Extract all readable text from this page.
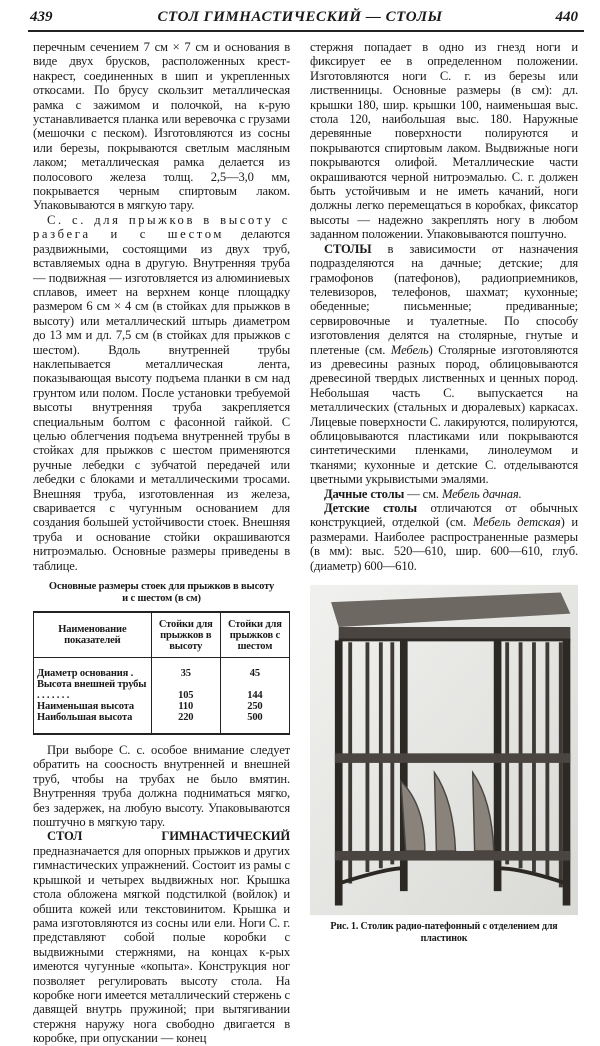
439	СТОЛ ГИМНАСТИЧЕСКИЙ — СТОЛЫ	440

перечным сечением 7 см × 7 см и основания в виде двух брусков, расположенных крест-накрест, соединенных в шип и укрепленных откосами. По брусу скользит металлическая рамка с зажимом и полочкой, на к-рую устанавливается планка или веревочка с грузами (мешочки с песком). Изготовляются из сосны или березы, покрываются светлым масляным лаком; металлическая рамка делается из полосового железа толщ. 2,5—3,0 мм, покрывается черным спиртовым лаком. Упаковываются в мягкую тару.

С. с. для прыжков в высоту с разбега и с шестом делаются раздвижными, состоящими из двух труб, вставляемых одна в другую. Внутренняя труба — подвижная — изготовляется из алюминиевых сплавов, имеет на верхнем конце площадку размером 6 см × 4 см (в стойках для прыжков в высоту) или металлический штырь диаметром до 13 мм и дл. 7,5 см (в стойках для прыжков с шестом). Вдоль внутренней трубы наклепывается металлическая лента, показывающая высоту подъема планки в см над грунтом или полом. После установки требуемой высоты внутренняя труба закрепляется специальным болтом с фасонной гайкой. С целью облегчения подъема внутренней трубы в стойках для прыжков с шестом применяются ручные лебедки с зубчатой передачей или лебедки с блоками и металлическими тросами. Внешняя труба, изготовленная из железа, сваривается с чугунным основанием для создания большей устойчивости стоек. Внешняя труба и основание стойки окрашиваются нитроэмалью. Основные размеры приведены в таблице.

Основные размеры стоек для прыжков в высоту
и с шестом (в см)
Наименование показателей	Стойки для прыжков в высоту	Стойки для прыжков с шестом
Диаметр основания .	35	45
Высота внешней трубы . . . . . . .	105	144
Наименьшая высота	110	250
Наибольшая высота	220	500

При выборе С. с. особое внимание следует обратить на соосность внутренней и внешней труб, чтобы на трубах не было вмятин. Внутренняя труба должна подниматься мягко, без задержек, на любую высоту. Упаковываются поштучно в мягкую тару.

СТОЛ ГИМНАСТИЧЕСКИЙ предназначается для опорных прыжков и других гимнастических упражнений. Состоит из рамы с крышкой и четырех выдвижных ног. Крышка стола обложена мягкой подстилкой (войлок) и обшита кожей или текстовинитом. Крышка и рама изготовляются из сосны или ели. Ноги С. г. представляют собой полые коробки с выдвижными стержнями, на концах к-рых имеются чугунные «копыта». Конструкция ног позволяет регулировать высоту стола. На коробке ноги имеется металлический стержень с давящей внутрь пружиной; при вытягивании стержня наружу нога свободно двигается в коробке, при опускании — конец

стержня попадает в одно из гнезд ноги и фиксирует ее в определенном положении. Изготовляются ноги С. г. из березы или лиственницы. Основные размеры (в см): дл. крышки 180, шир. крышки 100, наименьшая выс. стола 120, наибольшая выс. 180. Наружные деревянные поверхности полируются и покрываются спиртовым лаком. Выдвижные ноги покрываются олифой. Металлические части окрашиваются черной нитроэмалью. С. г. должен быть устойчивым и не иметь качаний, ноги должны легко перемещаться в коробках, фиксатор высоты — надежно закреплять ногу в любом заданном положении. Упаковываются поштучно.

СТОЛЫ в зависимости от назначения подразделяются на дачные; детские; для грамофонов (патефонов), радиоприемников, телевизоров, телефонов, шахмат; кухонные; обеденные; письменные; предиванные; сервировочные и туалетные. По способу изготовления делятся на столярные, гнутые и плетеные (см. Мебель) Столярные изготовляются из древесины разных пород, облицовываются древесиной твердых лиственных и ценных пород. Небольшая часть С. выпускается на металлических (стальных и дюралевых) каркасах. Лицевые поверхности С. лакируются, полируются, облицовываются пластиками или покрываются синтетическими пленками, линолеумом и тканями; кухонные и детские С. отделываются цветными укрывистыми эмалями.

Дачные столы — см. Мебель дачная.

Детские столы отличаются от обычных конструкцией, отделкой (см. Мебель детская) и размерами. Наиболее распространенные размеры (в мм): выс. 520—610, шир. 600—610, глуб. (диаметр) 600—610.

Рис. 1. Столик радио-патефонный с отделением для пластинок
